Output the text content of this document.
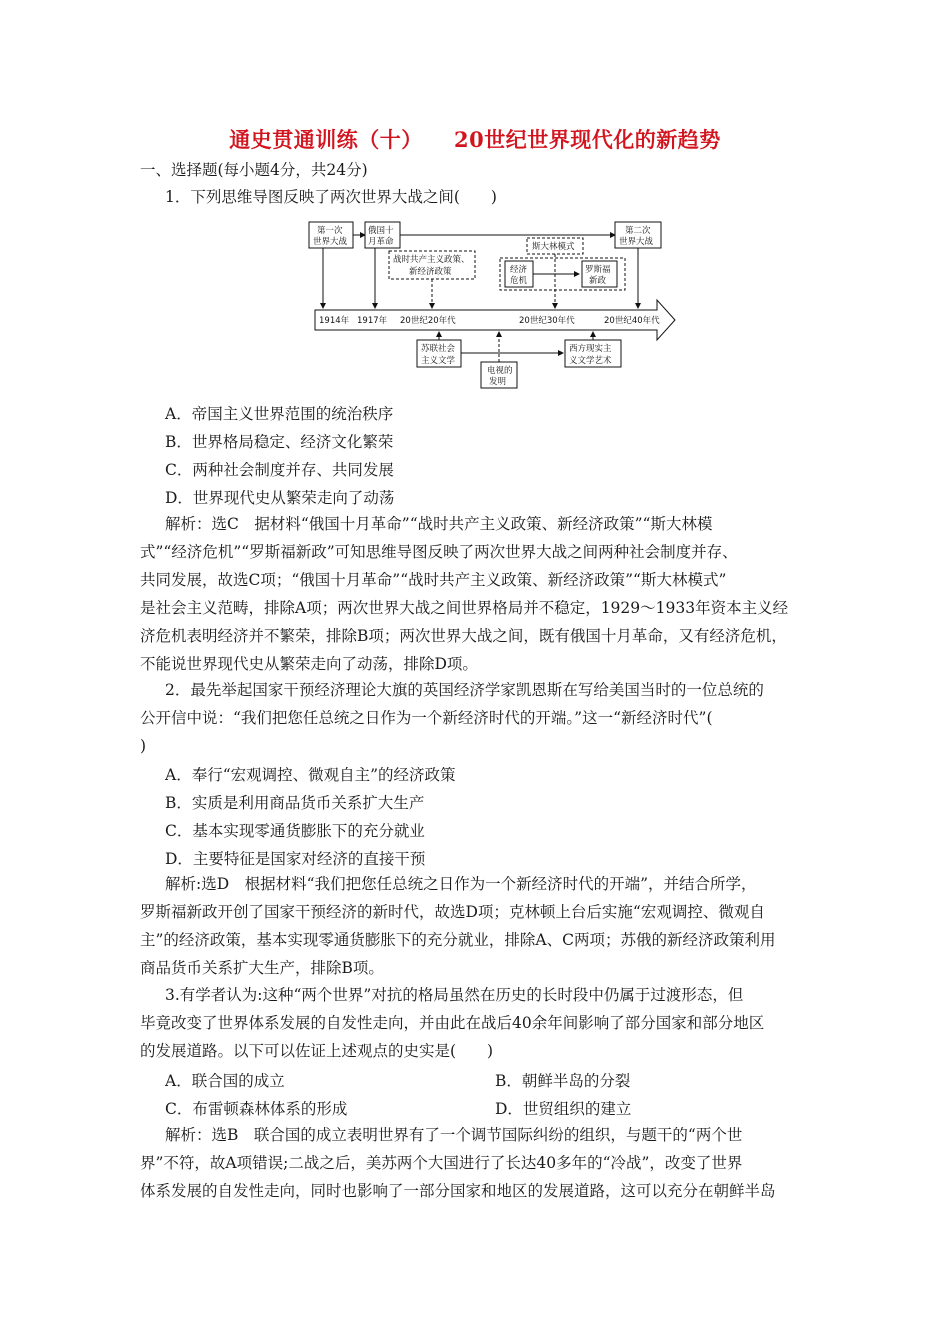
通史贯通训练（十）    20世纪世界现代化的新趋势
一、选择题(每小题4分，共24分)
1．下列思维导图反映了两次世界大战之间(　　)
1914年 1917年 20世纪20年代	20世纪30年代	20世纪40年代
第一次
世界大战
俄国十
月革命
战时共产主义政策、
新经济政策
斯大林模式
经济
危机
罗斯福
新政
第二次
世界大战
苏联社会
主义文学
电视的
发明
西方现实主
义文学艺术
A．帝国主义世界范围的统治秩序
B．世界格局稳定、经济文化繁荣
C．两种社会制度并存、共同发展
D．世界现代史从繁荣走向了动荡
解析：选C　据材料“俄国十月革命”“战时共产主义政策、新经济政策”“斯大林模
式”“经济危机”“罗斯福新政”可知思维导图反映了两次世界大战之间两种社会制度并存、
共同发展，故选C项；“俄国十月革命”“战时共产主义政策、新经济政策”“斯大林模式”
是社会主义范畴，排除A项；两次世界大战之间世界格局并不稳定，1929～1933年资本主义经
济危机表明经济并不繁荣，排除B项；两次世界大战之间，既有俄国十月革命，又有经济危机，
不能说世界现代史从繁荣走向了动荡，排除D项。
2．最先举起国家干预经济理论大旗的英国经济学家凯恩斯在写给美国当时的一位总统的
公开信中说：“我们把您任总统之日作为一个新经济时代的开端。”这一“新经济时代”(
)
A．奉行“宏观调控、微观自主”的经济政策
B．实质是利用商品货币关系扩大生产
C．基本实现零通货膨胀下的充分就业
D．主要特征是国家对经济的直接干预
解析:选D　根据材料“我们把您任总统之日作为一个新经济时代的开端”，并结合所学，
罗斯福新政开创了国家干预经济的新时代，故选D项；克林顿上台后实施“宏观调控、微观自
主”的经济政策，基本实现零通货膨胀下的充分就业，排除A、C两项；苏俄的新经济政策利用
商品货币关系扩大生产，排除B项。
3.有学者认为:这种“两个世界”对抗的格局虽然在历史的长时段中仍属于过渡形态，但
毕竟改变了世界体系发展的自发性走向，并由此在战后40余年间影响了部分国家和部分地区
的发展道路。以下可以佐证上述观点的史实是(　　)
A．联合国的成立	B．朝鲜半岛的分裂
C．布雷顿森林体系的形成	D．世贸组织的建立
解析：选B　联合国的成立表明世界有了一个调节国际纠纷的组织，与题干的“两个世
界”不符，故A项错误;二战之后，美苏两个大国进行了长达40多年的“冷战”，改变了世界
体系发展的自发性走向，同时也影响了一部分国家和地区的发展道路，这可以充分在朝鲜半岛
